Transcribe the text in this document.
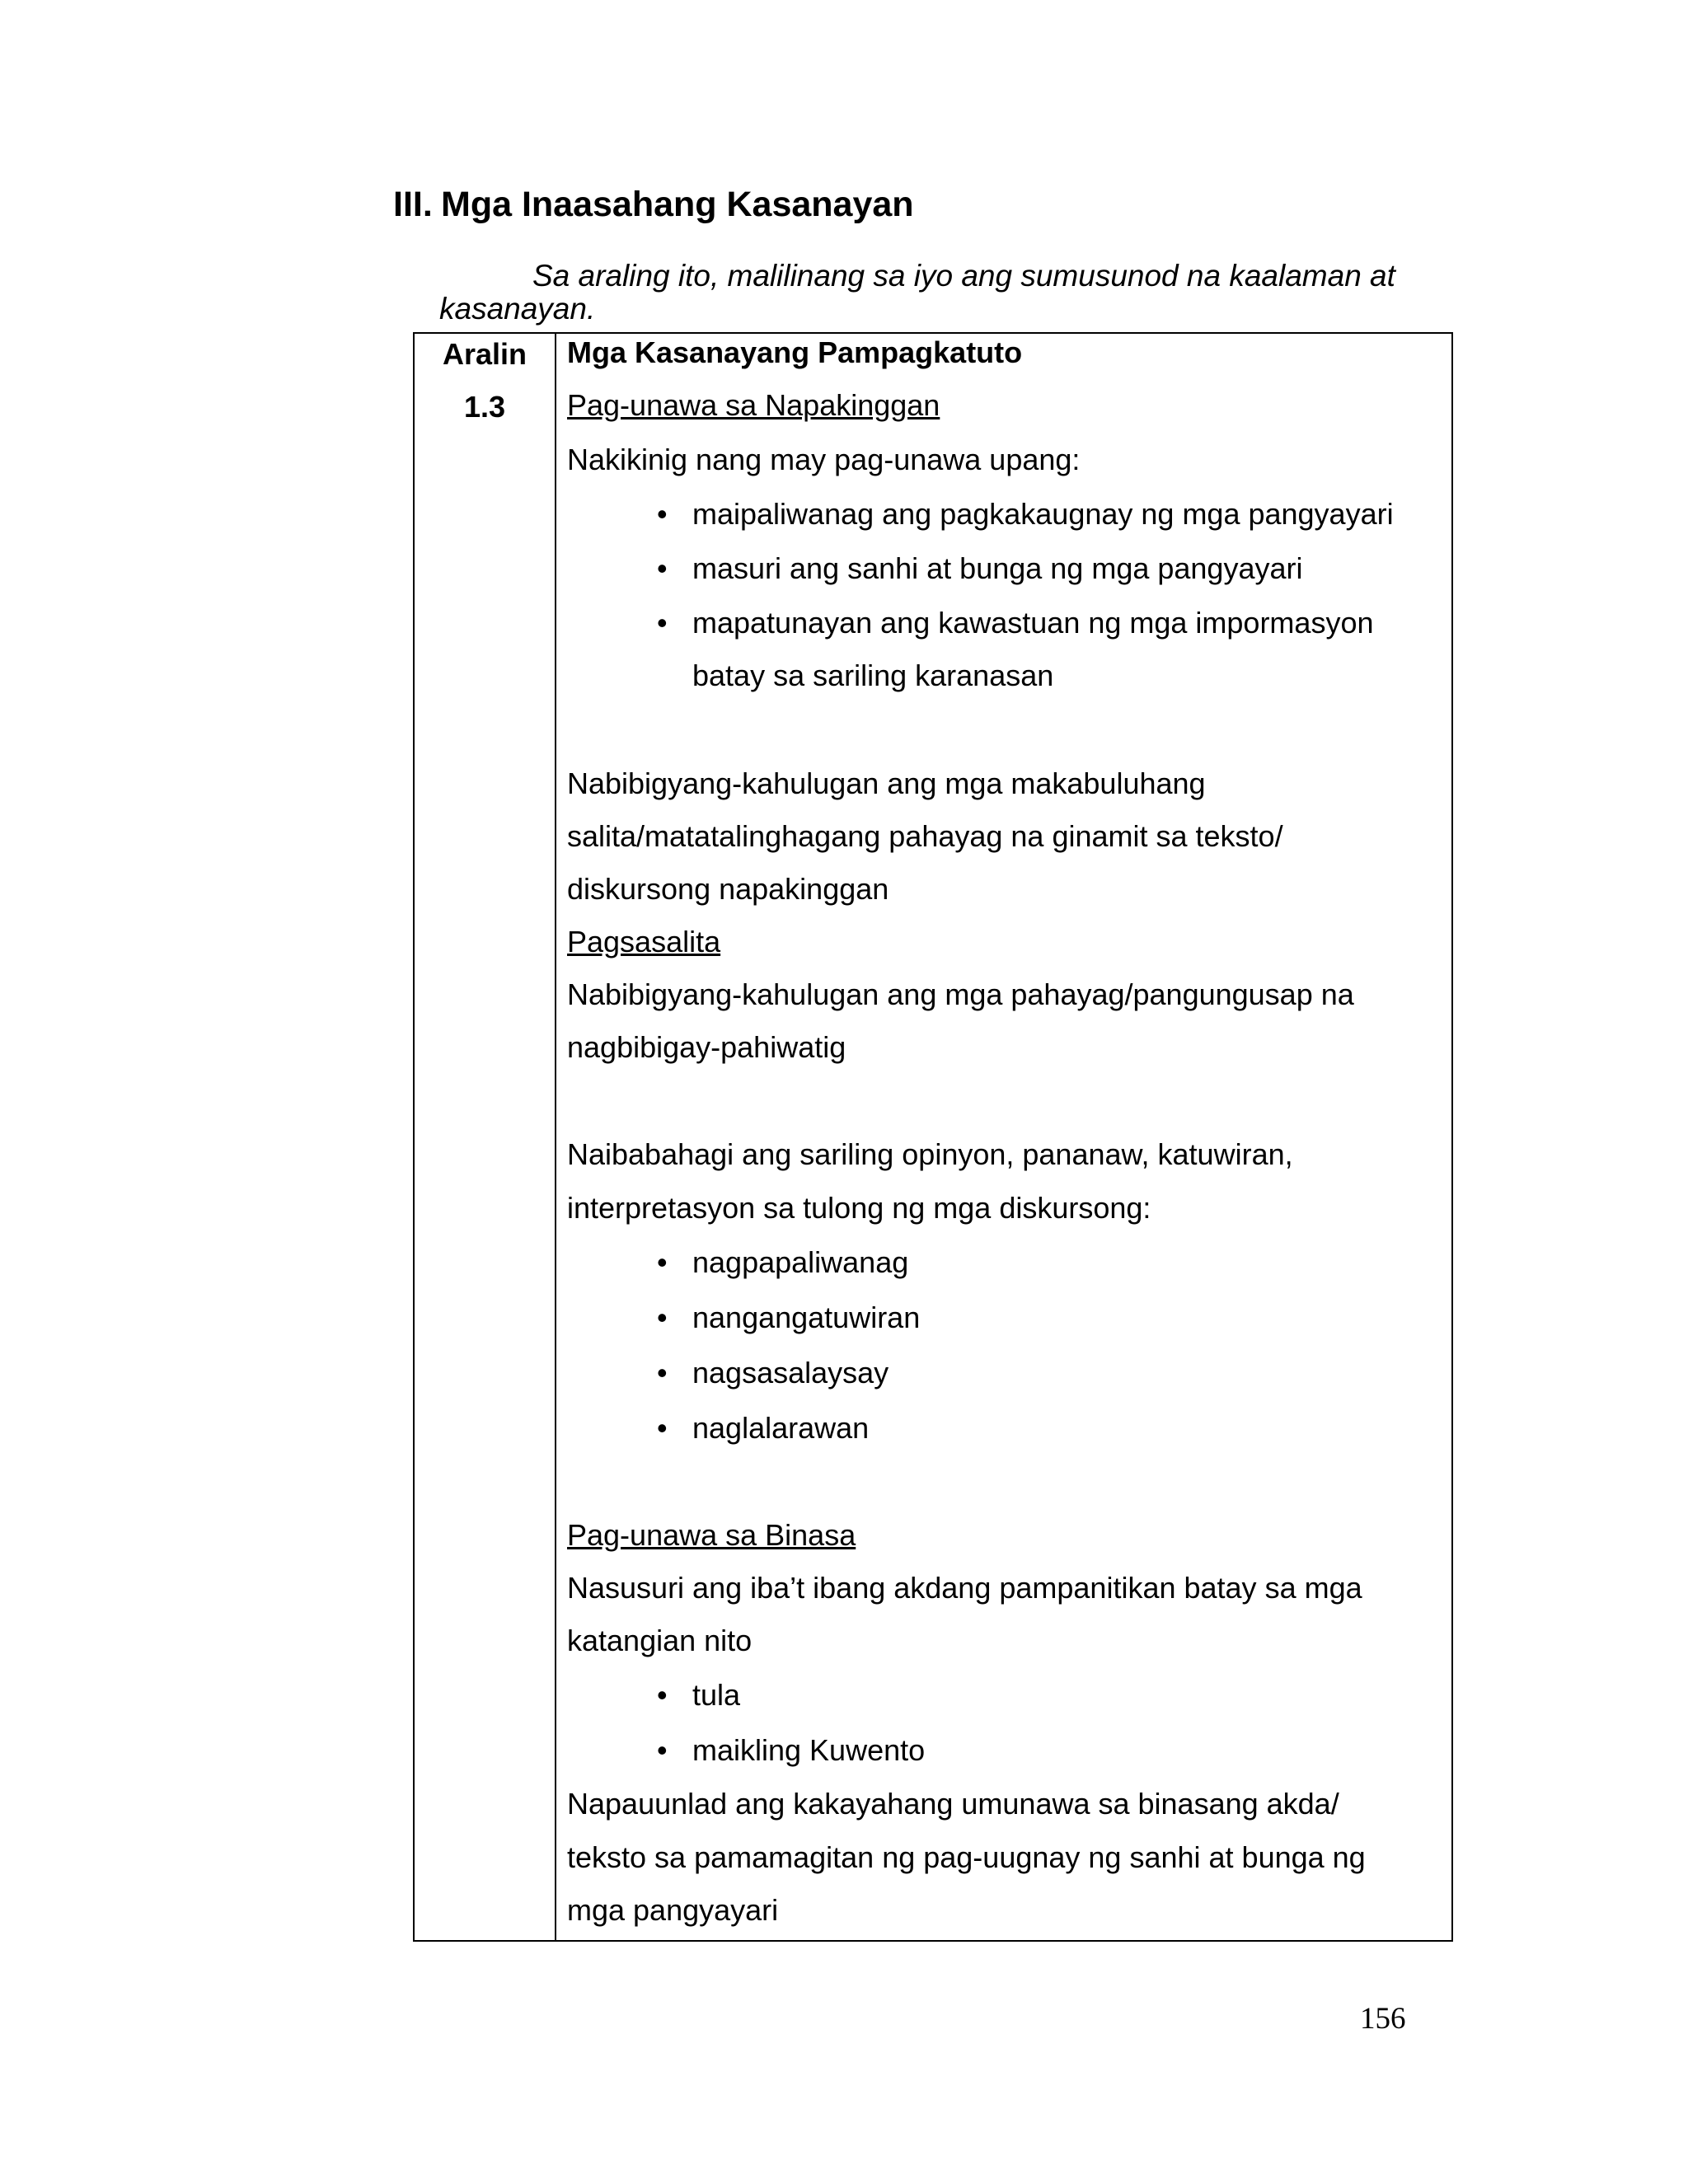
III. Mga Inaasahang Kasanayan
Sa araling ito, malilinang sa iyo ang sumusunod na kaalaman at kasanayan.
Aralin
1.3
Mga Kasanayang Pampagkatuto
Pag-unawa sa Napakinggan
Nakikinig nang may pag-unawa upang:
• maipaliwanag ang pagkakaugnay ng mga pangyayari
• masuri ang sanhi at bunga ng mga pangyayari
• mapatunayan ang kawastuan ng mga impormasyon
batay sa sariling karanasan
Nabibigyang-kahulugan ang mga makabuluhang
salita/matatalinghagang pahayag na ginamit sa teksto/
diskursong napakinggan
Pagsasalita
Nabibigyang-kahulugan ang mga pahayag/pangungusap na
nagbibigay-pahiwatig
Naibabahagi ang sariling opinyon, pananaw, katuwiran,
interpretasyon sa tulong ng mga diskursong:
• nagpapaliwanag
• nangangatuwiran
• nagsasalaysay
• naglalarawan
Pag-unawa sa Binasa
Nasusuri ang iba’t ibang akdang pampanitikan batay sa mga
katangian nito
• tula
• maikling Kuwento
Napauunlad ang kakayahang umunawa sa binasang akda/
teksto sa pamamagitan ng pag-uugnay ng sanhi at bunga ng
mga pangyayari
156
